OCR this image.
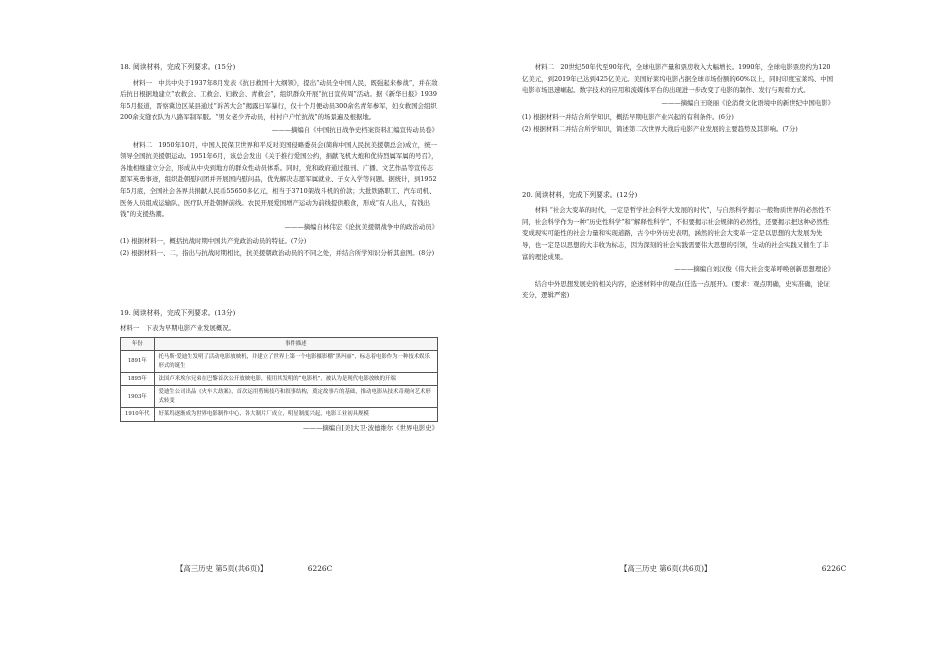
18. 阅读材料，完成下列要求。(15分)

材料一　中共中央于1937年8月发表《抗日救国十大纲领》，提出“动员全中国人民，既强起来参战”，并在敌后抗日根据地建立“农救会、工救会、妇救会、青救会”，组织群众开展“抗日宣传周”活动。据《新华日报》1939年5月报道，晋察冀边区某县通过“诉苦大会”揭露日军暴行，仅十个月便动员300余名青年参军，妇女救国会组织200余支缝衣队为八路军制军服。“男女老少齐动员，村村户户忙抗战”的场景遍及根据地。

———摘编自《中国抗日战争史档案资料汇编宣传动员卷》

材料二　1950年10月，中国人民保卫世界和平反对美国侵略委员会(简称中国人民抗美援朝总会)成立，统一领导全国抗美援朝运动。1951年6月，该总会发出《关于推行爱国公约，捐献飞机大炮和优待烈属军属的号召》，各地相继建立分会，形成从中央到地方的群众性动员体系。同时，党和政府通过报刊、广播、文艺作品等宣传志愿军英勇事迹，组织赴朝慰问团并开展国内慰问品，优先解决志愿军属就业、子女入学等问题。据统计，到1952年5月底，全国社会各界共捐献人民币55650多亿元，相当于3710架战斗机的价款；大批铁路职工、汽车司机、医务人员组成运输队、医疗队开赴朝鲜前线。农民开展爱国增产运动为前线提供粮食，形成“有人出人，有钱出钱”的支援热潮。

———摘编自林伟宏《论抗美援朝战争中的政治动员》

(1) 根据材料一，概括抗战时期中国共产党政治动员的特征。(7分)

(2) 根据材料一、二，指出与抗战时期相比，抗美援朝政治动员的不同之处，并结合所学知识分析其意图。(8分)

19. 阅读材料，完成下列要求。(13分)

材料一　下表为早期电影产业发展概况。

年份	事件描述
1891年	托马斯·爱迪生发明了活动电影放映机，并建立了世界上第一个电影摄影棚“黑玛丽”，标志着电影作为一种技术娱乐形式的诞生
1895年	法国卢米埃尔兄弟在巴黎首次公开放映电影，使用其发明的“电影机”，被认为是现代电影放映的开端
1903年	爱迪生公司出品《火车大劫案》，首次运用剪辑技巧和叙事结构，奠定故事片的基础，推动电影从技术奇观向艺术形式转变
1910年代	好莱坞逐渐成为世界电影制作中心，各大制片厂成立，明星制度兴起，电影工业初具规模

———摘编自[美]大卫·波德维尔《世界电影史》

材料二　20世纪50年代至90年代，全球电影产量和票房收入大幅增长。1990年，全球电影票房约为120亿美元，到2019年已达到425亿美元。美国好莱坞电影占据全球市场份额的60%以上，同时印度宝莱坞、中国电影市场迅速崛起。数字技术的应用和流媒体平台的出现进一步改变了电影的制作、发行与观看方式。

———摘编自王晓丽《论消费文化语境中的新世纪中国电影》

(1) 根据材料一并结合所学知识，概括早期电影产业兴起的有利条件。(6分)

(2) 根据材料二并结合所学知识，简述第二次世界大战后电影产业发展的主要趋势及其影响。(7分)

20. 阅读材料，完成下列要求。(12分)

材料 “社会大变革的时代，一定是哲学社会科学大发展的时代”，与自然科学揭示一般物质世界的必然性不同，社会科学作为一种“历史性科学”和“解释性科学”，不但要揭示社会规律的必然性，还要揭示把这种必然性变成现实可能性的社会力量和实现道路，古今中外历史表明，涵然的社会大变革一定是以思想的大发展为先导，也一定是以思想的大丰收为标志，因为深刻的社会实践需要伟大思想的引领，生动的社会实践又催生了丰富的理论成果。

———摘编自刘汉俊《伟大社会变革呼唤创新思想理论》

结合中外思想发展史的相关内容，论述材料中的观点(任选一点展开)。(要求：观点明确，史实准确，论证充分，逻辑严密)

【高三历史 第5页(共6页)】	6226C	【高三历史 第6页(共6页)】	6226C
